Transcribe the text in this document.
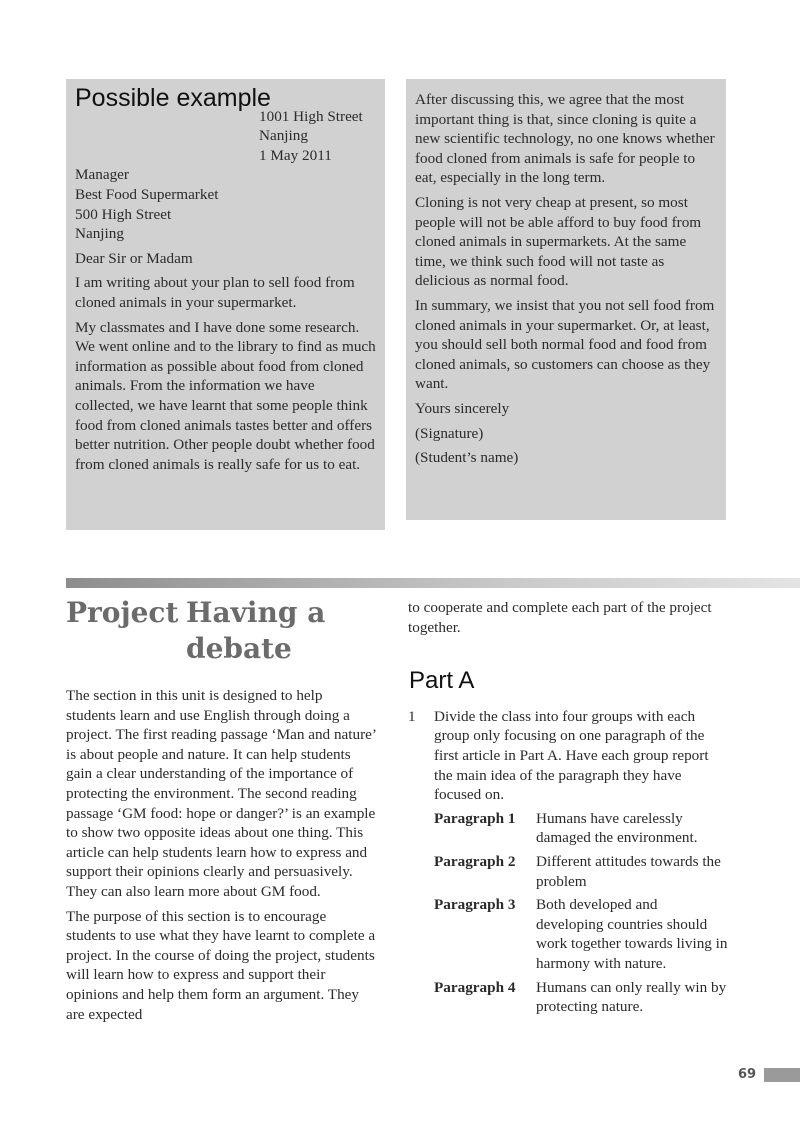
Possible example
1001 High Street
Nanjing
1 May 2011
Manager
Best Food Supermarket
500 High Street
Nanjing

Dear Sir or Madam

I am writing about your plan to sell food from cloned animals in your supermarket.

My classmates and I have done some research. We went online and to the library to find as much information as possible about food from cloned animals. From the information we have collected, we have learnt that some people think food from cloned animals tastes better and offers better nutrition. Other people doubt whether food from cloned animals is really safe for us to eat.

After discussing this, we agree that the most important thing is that, since cloning is quite a new scientific technology, no one knows whether food cloned from animals is safe for people to eat, especially in the long term.

Cloning is not very cheap at present, so most people will not be able afford to buy food from cloned animals in supermarkets. At the same time, we think such food will not taste as delicious as normal food.

In summary, we insist that you not sell food from cloned animals in your supermarket. Or, at least, you should sell both normal food and food from cloned animals, so customers can choose as they want.

Yours sincerely

(Signature)

(Student’s name)

Project Having a debate

The section in this unit is designed to help students learn and use English through doing a project. The first reading passage ‘Man and nature’ is about people and nature. It can help students gain a clear understanding of the importance of protecting the environment. The second reading passage ‘GM food: hope or danger?’ is an example to show two opposite ideas about one thing. This article can help students learn how to express and support their opinions clearly and persuasively. They can also learn more about GM food.

The purpose of this section is to encourage students to use what they have learnt to complete a project. In the course of doing the project, students will learn how to express and support their opinions and help them form an argument. They are expected

to cooperate and complete each part of the project together.

Part A
1	Divide the class into four groups with each group only focusing on one paragraph of the first article in Part A. Have each group report the main idea of the paragraph they have focused on.
Paragraph 1	Humans have carelessly damaged the environment.
Paragraph 2	Different attitudes towards the problem
Paragraph 3	Both developed and developing countries should work together towards living in harmony with nature.
Paragraph 4	Humans can only really win by protecting nature.
69
